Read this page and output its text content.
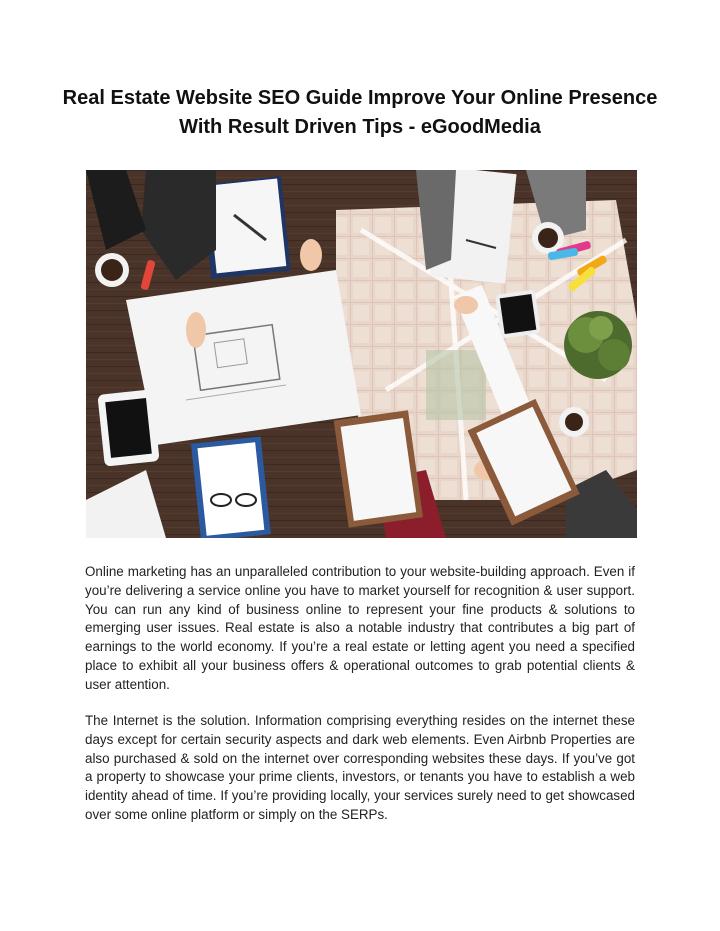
Real Estate Website SEO Guide Improve Your Online Presence With Result Driven Tips - eGoodMedia

Online marketing has an unparalleled contribution to your website-building approach. Even if you’re delivering a service online you have to market yourself for recognition & user support. You can run any kind of business online to represent your fine products & solutions to emerging user issues. Real estate is also a notable industry that contributes a big part of earnings to the world economy. If you’re a real estate or letting agent you need a specified place to exhibit all your business offers & operational outcomes to grab potential clients & user attention.

The Internet is the solution. Information comprising everything resides on the internet these days except for certain security aspects and dark web elements. Even Airbnb Properties are also purchased & sold on the internet over corresponding websites these days. If you’ve got a property to showcase your prime clients, investors, or tenants you have to establish a web identity ahead of time. If you’re providing locally, your services surely need to get showcased over some online platform or simply on the SERPs.
